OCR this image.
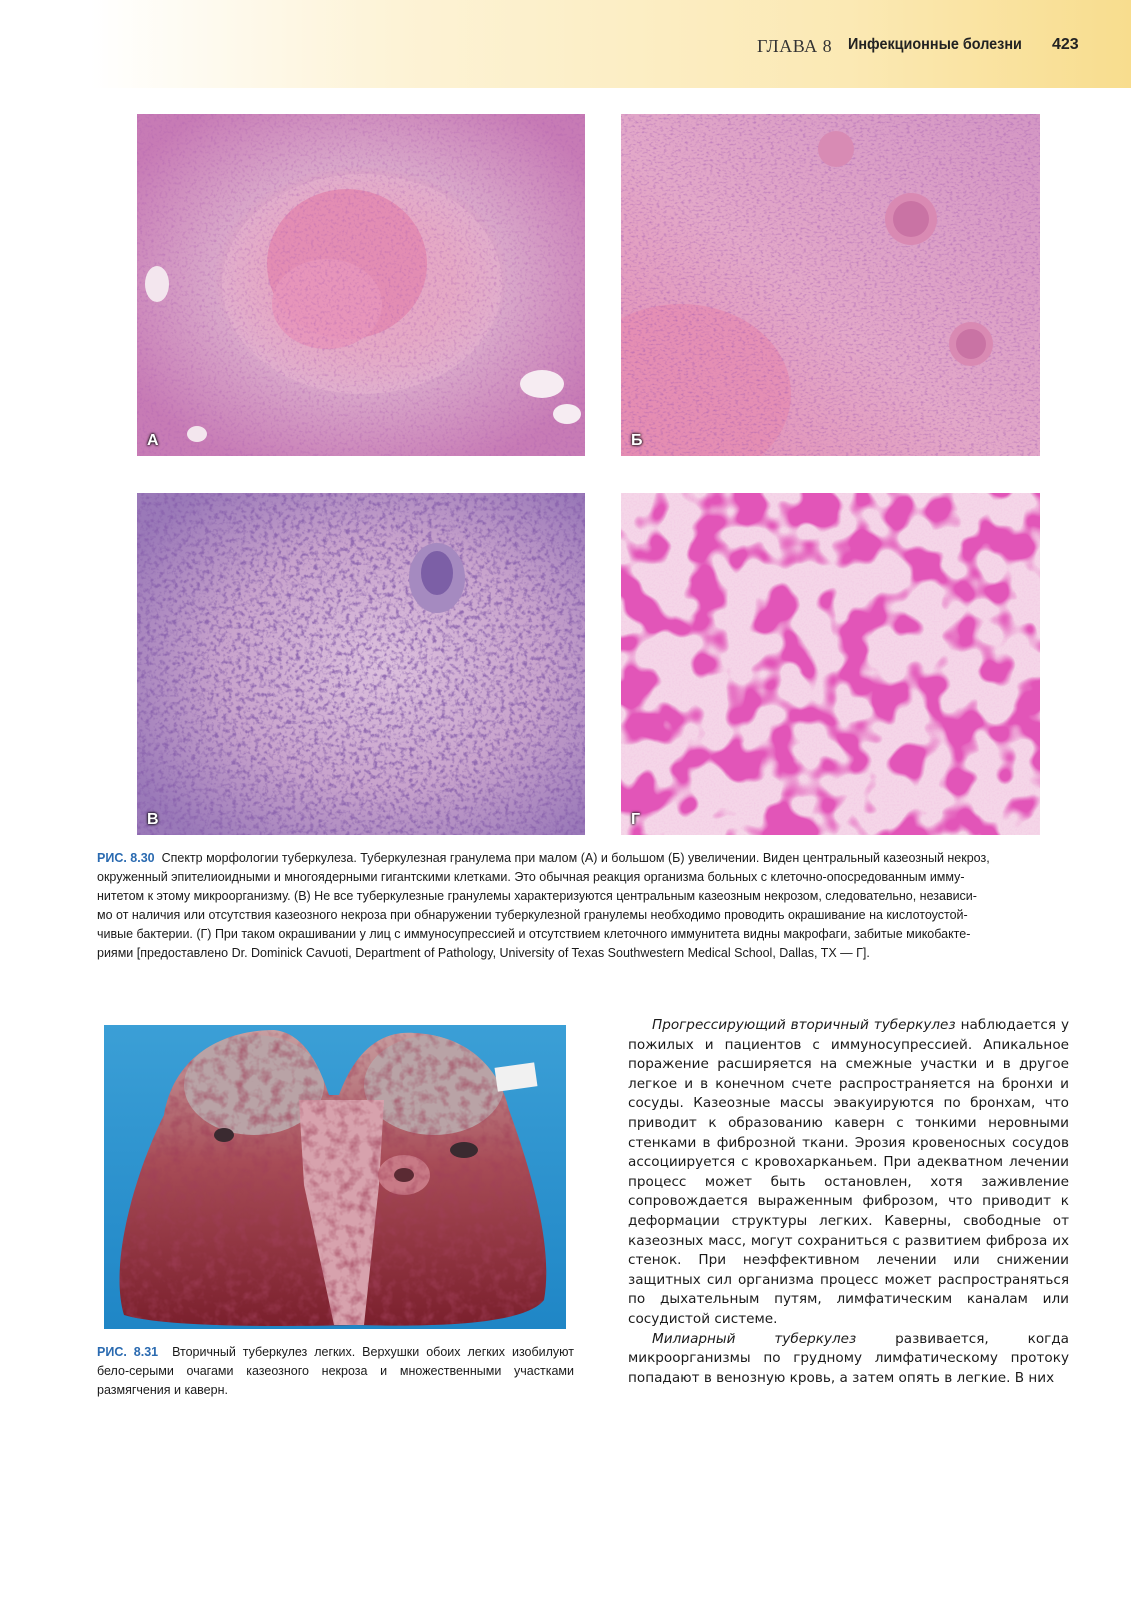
ГЛАВА 8 Инфекционные болезни 423
А	Б
В	Г
РИС. 8.30 Спектр морфологии туберкулеза. Туберкулезная гранулема при малом (А) и большом (Б) увеличении. Виден центральный казеозный некроз,
окруженный эпителиоидными и многоядерными гигантскими клетками. Это обычная реакция организма больных с клеточно-опосредованным имму-
нитетом к этому микроорганизму. (В) Не все туберкулезные гранулемы характеризуются центральным казеозным некрозом, следовательно, независи-
мо от наличия или отсутствия казеозного некроза при обнаружении туберкулезной гранулемы необходимо проводить окрашивание на кислотоустой-
чивые бактерии. (Г) При таком окрашивании у лиц с иммуносупрессией и отсутствием клеточного иммунитета видны макрофаги, забитые микобакте-
риями [предоставлено Dr. Dominick Cavuoti, Department of Pathology, University of Texas Southwestern Medical School, Dallas, TX — Г].
РИС. 8.31 Вторичный туберкулез легких. Верхушки обоих легких изобилуют бело-серыми очагами казеозного некроза и множественными участками размягчения и каверн.

Прогрессирующий вторичный туберкулез наблюдается у пожилых и пациентов с иммуносупрессией. Апикальное поражение расширяется на смежные участки и в другое легкое и в конечном счете распространяется на бронхи и сосуды. Казеозные массы эвакуируются по бронхам, что приводит к образованию каверн с тонкими неровными стенками в фиброзной ткани. Эрозия кровеносных сосудов ассоциируется с кровохарканьем. При адекватном лечении процесс может быть остановлен, хотя заживление сопровождается выраженным фиброзом, что приводит к деформации структуры легких. Каверны, свободные от казеозных масс, могут сохраниться с развитием фиброза их стенок. При неэффективном лечении или снижении защитных сил организма процесс может распространяться по дыхательным путям, лимфатическим каналам или сосудистой системе.

Милиарный туберкулез развивается, когда микроорганизмы по грудному лимфатическому протоку попадают в венозную кровь, а затем опять в легкие. В них
